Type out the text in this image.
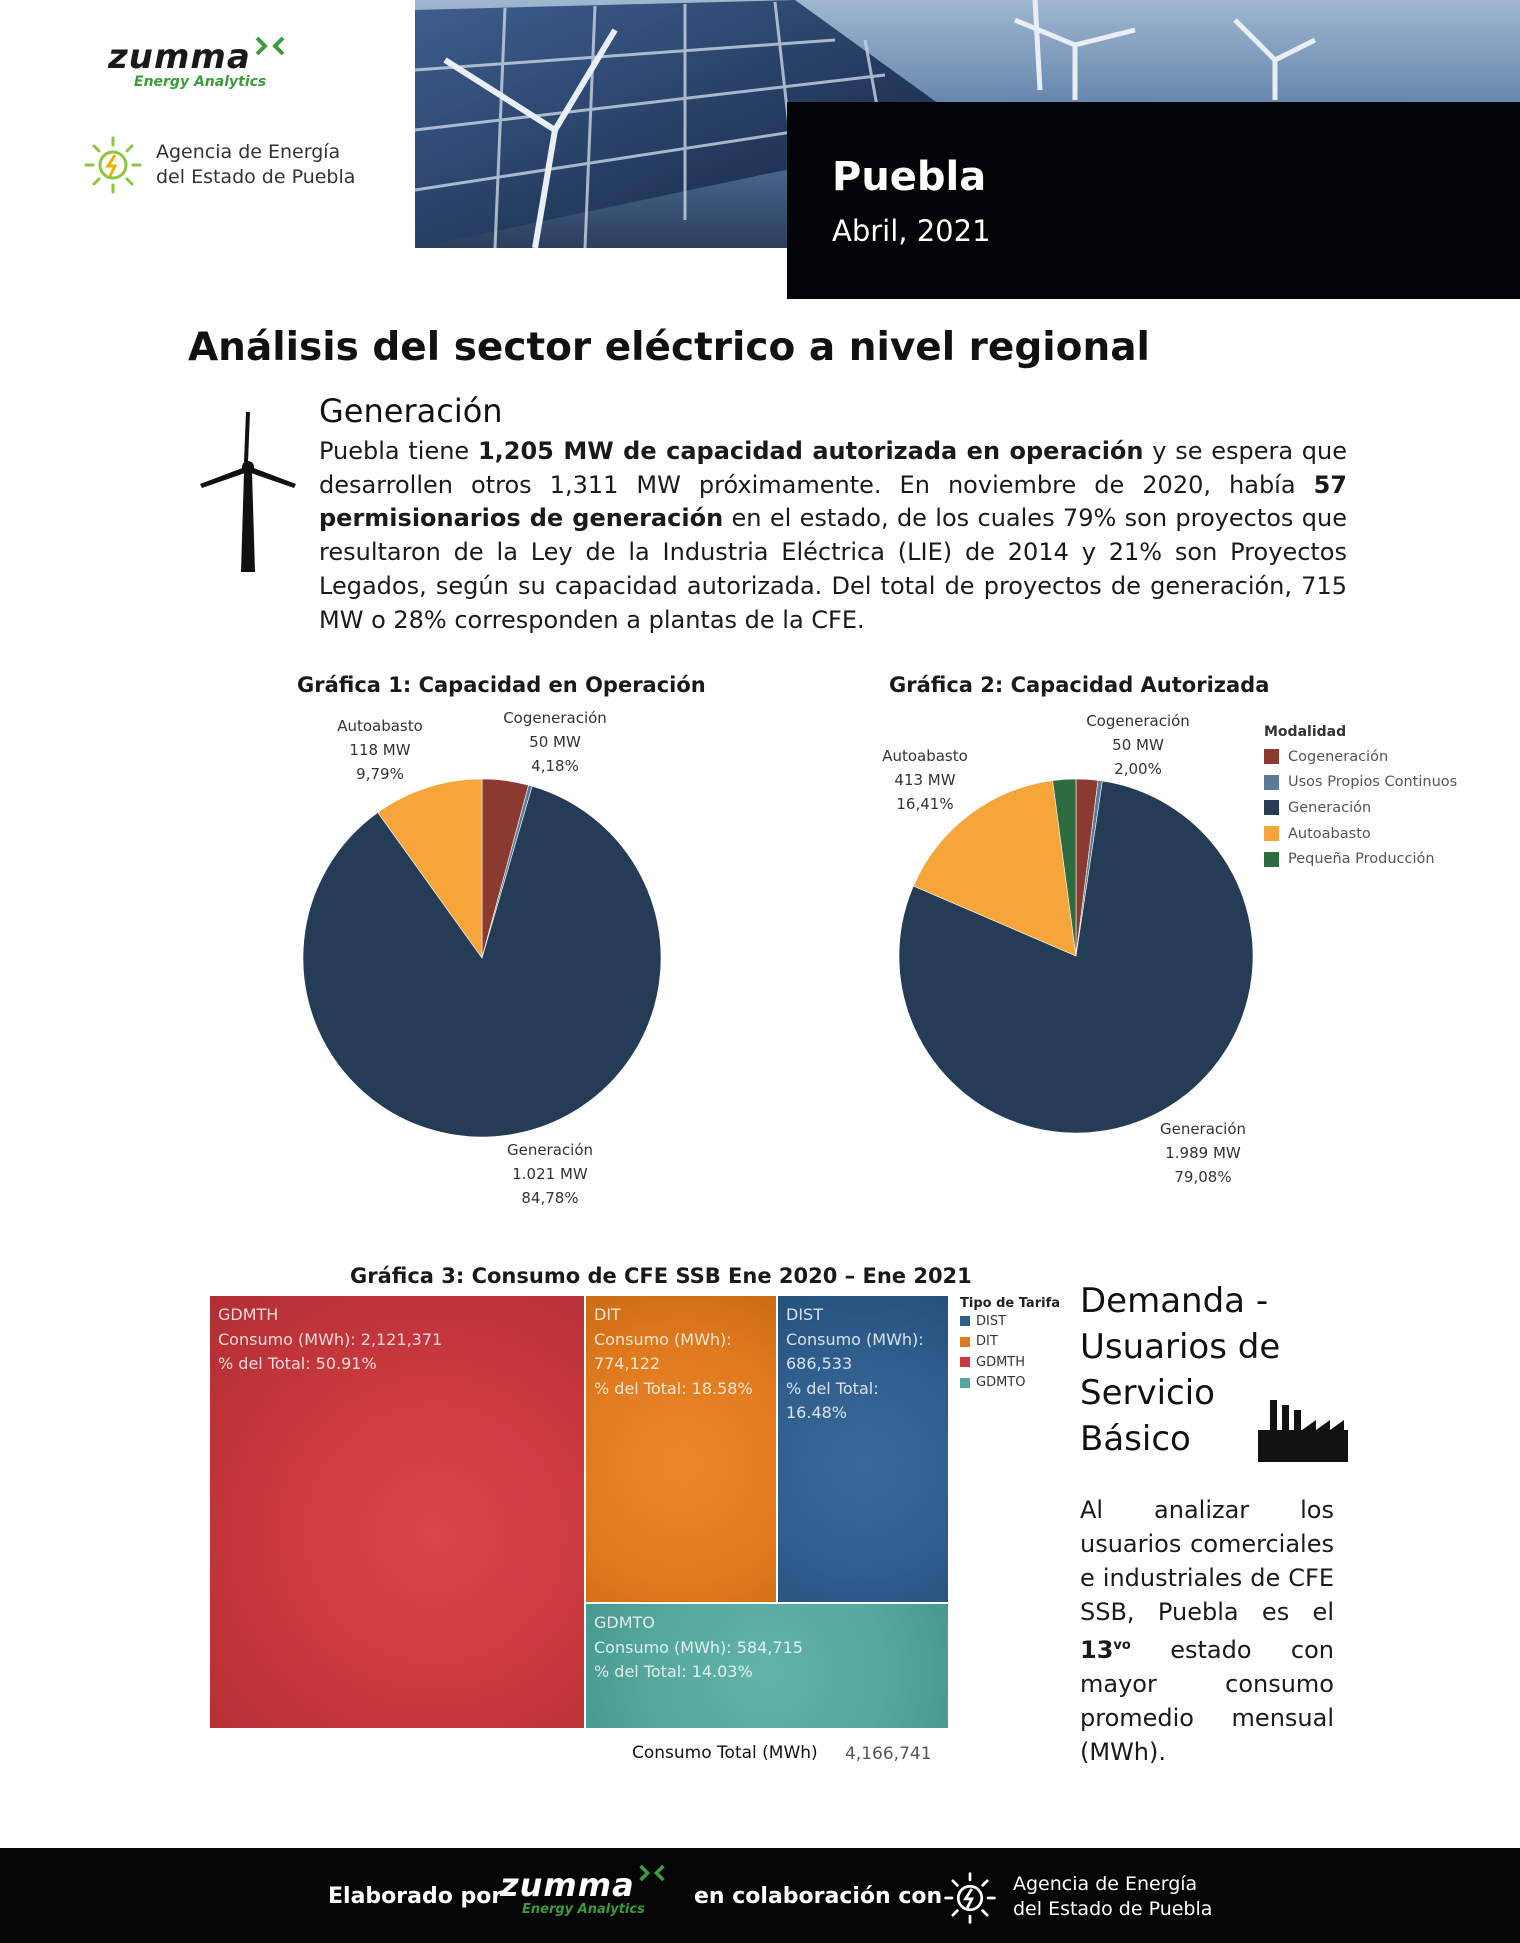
zumma
Energy Analytics
Agencia de Energía
del Estado de Puebla	Puebla
Abril, 2021
Análisis del sector eléctrico a nivel regional
Generación
Puebla tiene 1,205 MW de capacidad autorizada en operación y se espera que desarrollen otros 1,311 MW próximamente. En noviembre de 2020, había 57 permisionarios de generación en el estado, de los cuales 79% son proyectos que resultaron de la Ley de la Industria Eléctrica (LIE) de 2014 y 21% son Proyectos Legados, según su capacidad autorizada. Del total de proyectos de generación, 715 MW o 28% corresponden a plantas de la CFE.
Gráfica 1: Capacidad en Operación
Autoabasto
118 MW
9,79%
Cogeneración
50 MW
4,18%
Generación
1.021 MW
84,78%
Gráfica 2: Capacidad Autorizada
Autoabasto
413 MW
16,41%
Cogeneración
50 MW
2,00%
Generación
1.989 MW
79,08%
Modalidad
Cogeneración
Usos Propios Continuos
Generación
Autoabasto
Pequeña Producción
Gráfica 3: Consumo de CFE SSB Ene 2020 – Ene 2021
GDMTH
Consumo (MWh): 2,121,371
% del Total: 50.91%
DIT
Consumo (MWh):
774,122
% del Total: 18.58%
DIST
Consumo (MWh):
686,533
% del Total: 16.48%
GDMTO
Consumo (MWh): 584,715
% del Total: 14.03%
Tipo de Tarifa
DIST
DIT
GDMTH
GDMTO
Consumo Total (MWh) 4,166,741
Demanda - Usuarios de Servicio Básico
Al analizar los usuarios comerciales e industriales de CFE SSB, Puebla es el $13^{vo}$ estado con mayor consumo promedio mensual (MWh).
Elaborado por
zumma
Energy Analytics
en colaboración con	Agencia de Energía
del Estado de Puebla
